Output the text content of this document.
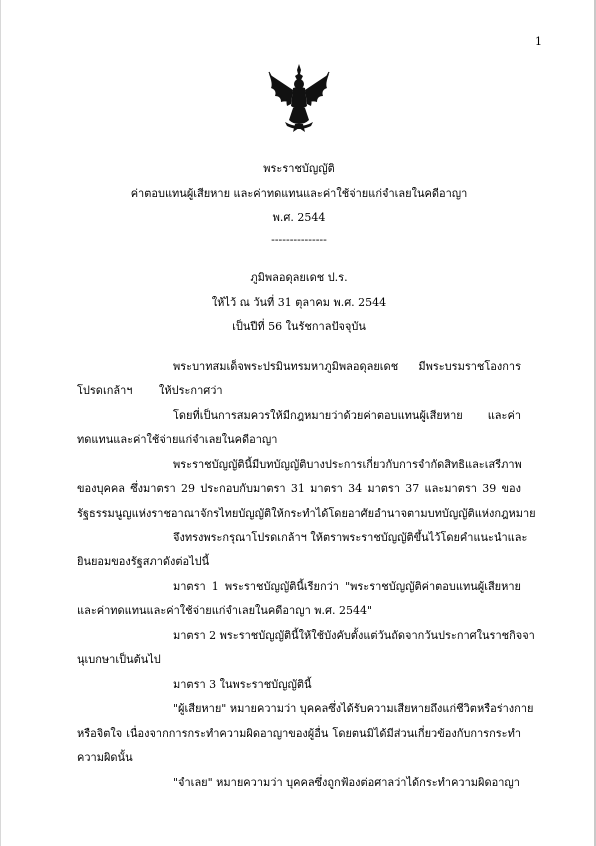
1
พระราชบัญญัติ
ค่าตอบแทนผู้เสียหาย และค่าทดแทนและค่าใช้จ่ายแก่จำเลยในคดีอาญา
พ.ศ. 2544
---------------
ภูมิพลอดุลยเดช ป.ร.
ให้ไว้ ณ วันที่ 31 ตุลาคม พ.ศ. 2544
เป็นปีที่ 56 ในรัชกาลปัจจุบัน
พระบาทสมเด็จพระปรมินทรมหาภูมิพลอดุลยเดช มีพระบรมราชโองการ
โปรดเกล้าฯ ให้ประกาศว่า
โดยที่เป็นการสมควรให้มีกฎหมายว่าด้วยค่าตอบแทนผู้เสียหาย และค่า
ทดแทนและค่าใช้จ่ายแก่จำเลยในคดีอาญา
พระราชบัญญัตินี้มีบทบัญญัติบางประการเกี่ยวกับการจำกัดสิทธิและเสรีภาพ
ของบุคคล ซึ่งมาตรา 29 ประกอบกับมาตรา 31 มาตรา 34 มาตรา 37 และมาตรา 39 ของ
รัฐธรรมนูญแห่งราชอาณาจักรไทยบัญญัติให้กระทำได้โดยอาศัยอำนาจตามบทบัญญัติแห่งกฎหมาย
จึงทรงพระกรุณาโปรดเกล้าฯ ให้ตราพระราชบัญญัติขึ้นไว้โดยคำแนะนำและ
ยินยอมของรัฐสภาดังต่อไปนี้
มาตรา 1 พระราชบัญญัตินี้เรียกว่า "พระราชบัญญัติค่าตอบแทนผู้เสียหาย
และค่าทดแทนและค่าใช้จ่ายแก่จำเลยในคดีอาญา พ.ศ. 2544"
มาตรา 2 พระราชบัญญัตินี้ให้ใช้บังคับตั้งแต่วันถัดจากวันประกาศในราชกิจจา
นุเบกษาเป็นต้นไป
มาตรา 3 ในพระราชบัญญัตินี้
"ผู้เสียหาย" หมายความว่า บุคคลซึ่งได้รับความเสียหายถึงแก่ชีวิตหรือร่างกาย
หรือจิตใจ เนื่องจากการกระทำความผิดอาญาของผู้อื่น โดยตนมิได้มีส่วนเกี่ยวข้องกับการกระทำ
ความผิดนั้น
"จำเลย" หมายความว่า บุคคลซึ่งถูกฟ้องต่อศาลว่าได้กระทำความผิดอาญา
